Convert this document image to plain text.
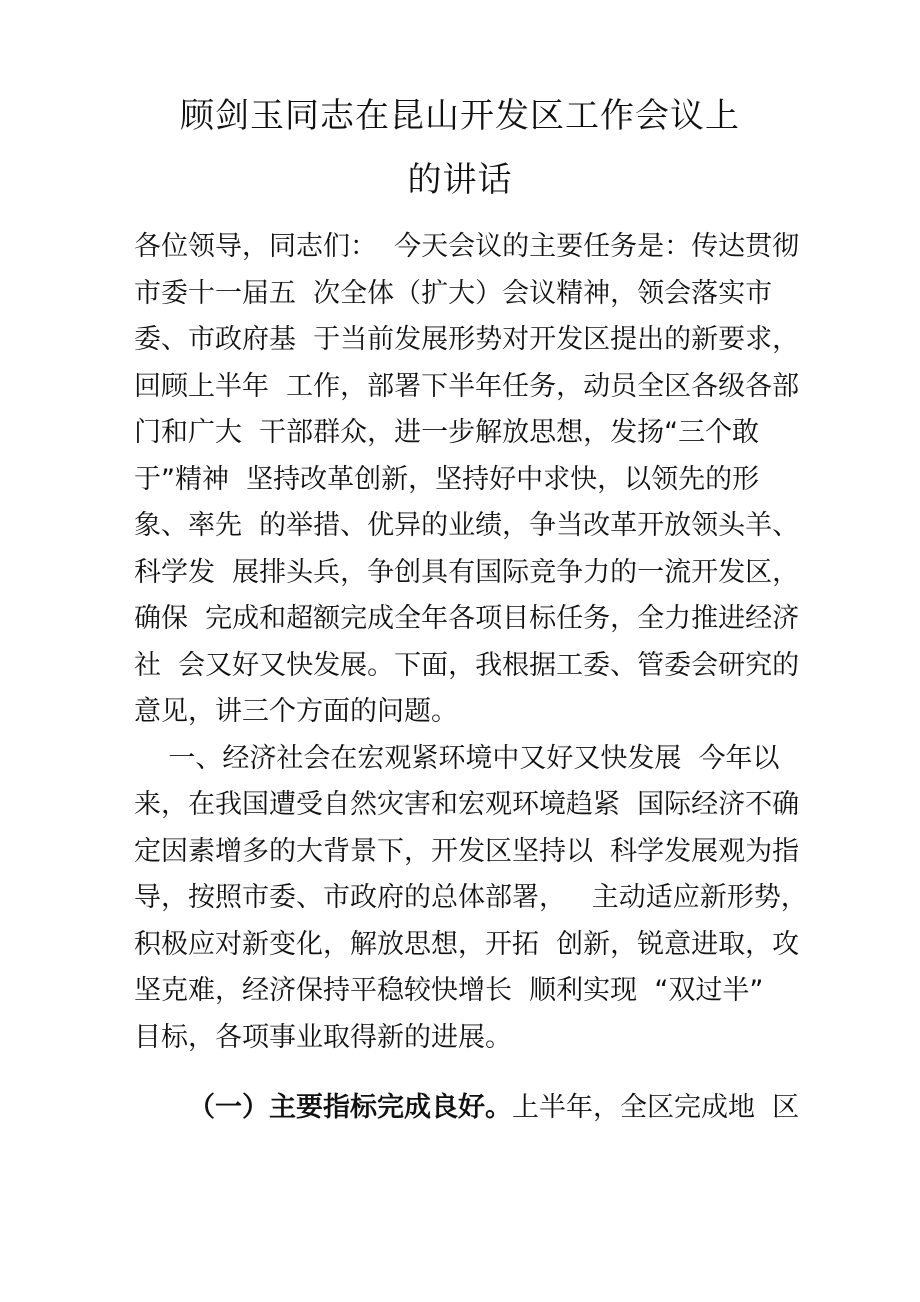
顾剑玉同志在昆山开发区工作会议上
的讲话
各位领导，同志们：  今天会议的主要任务是：传达贯彻
市委十一届五  次全体（扩大）会议精神，领会落实市
委、市政府基  于当前发展形势对开发区提出的新要求，
回顾上半年  工作，部署下半年任务，动员全区各级各部
门和广大  干部群众，进一步解放思想，发扬“三个敢
于”精神  坚持改革创新，坚持好中求快，以领先的形
象、率先  的举措、优异的业绩，争当改革开放领头羊、
科学发  展排头兵，争创具有国际竞争力的一流开发区，
确保  完成和超额完成全年各项目标任务，全力推进经济
社  会又好又快发展。下面，我根据工委、管委会研究的
意见，讲三个方面的问题。
一、经济社会在宏观紧环境中又好又快发展  今年以
来，在我国遭受自然灾害和宏观环境趋紧  国际经济不确
定因素增多的大背景下，开发区坚持以  科学发展观为指
导，按照市委、市政府的总体部署，   主动适应新形势，
积极应对新变化，解放思想，开拓  创新，锐意进取，攻
坚克难，经济保持平稳较快增长  顺利实现  “双过半”
目标，各项事业取得新的进展。
（一）主要指标完成良好。上半年，全区完成地  区
